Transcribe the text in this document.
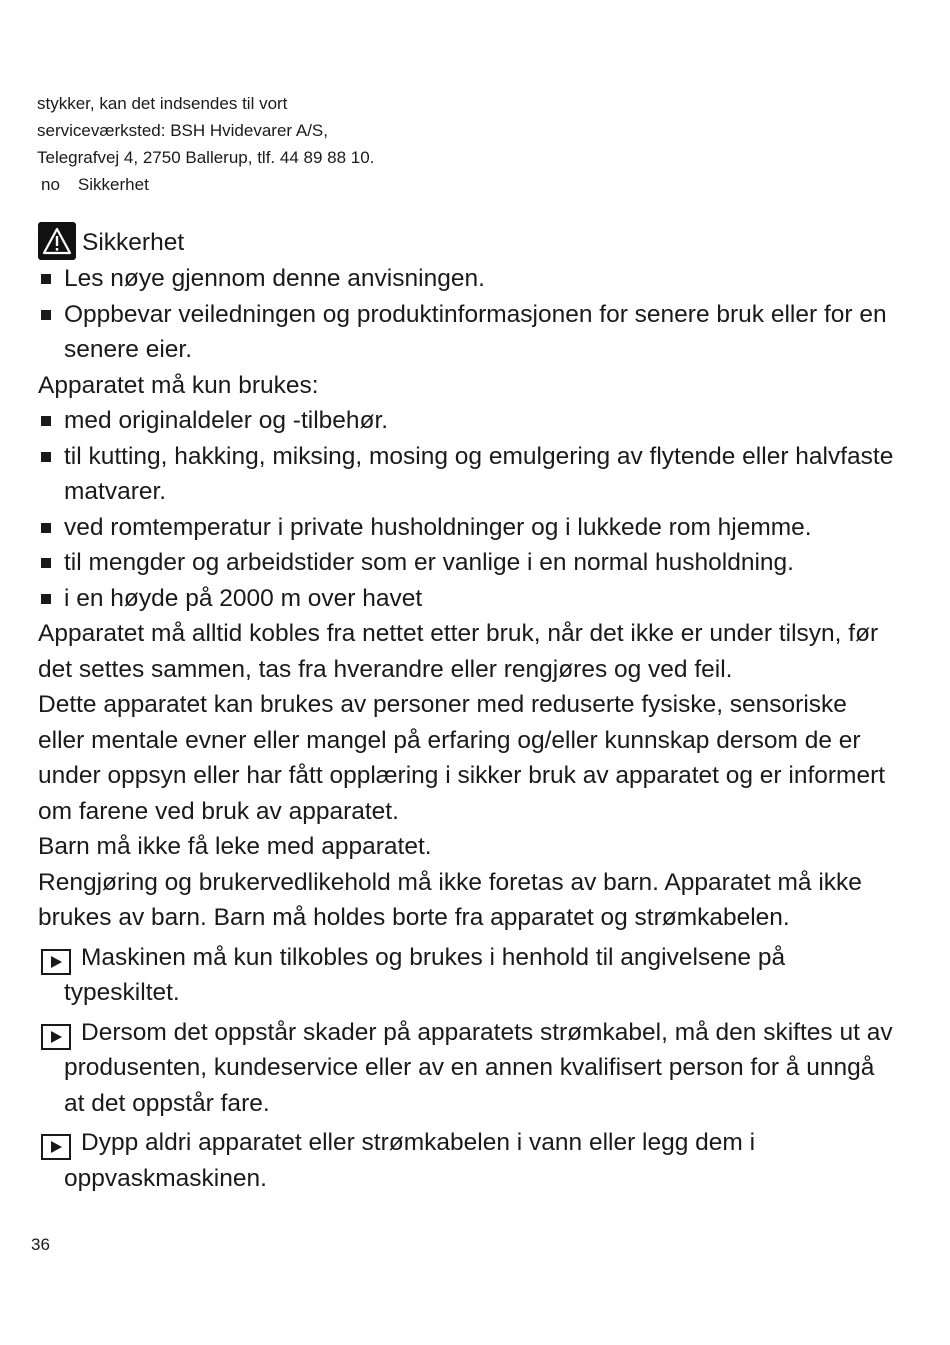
stykker, kan det indsendes til vort
serviceværksted: BSH Hvidevarer A/S,
Telegrafvej 4, 2750 Ballerup, tlf. 44 89 88 10.
no Sikkerhet
Sikkerhet
Les nøye gjennom denne anvisningen.
Oppbevar veiledningen og produktinformasjonen for senere bruk eller for en senere eier.
Apparatet må kun brukes:
med originaldeler og -tilbehør.
til kutting, hakking, miksing, mosing og emulgering av flytende eller halvfaste matvarer.
ved romtemperatur i private husholdninger og i lukkede rom hjemme.
til mengder og arbeidstider som er vanlige i en normal husholdning.
i en høyde på 2000 m over havet
Apparatet må alltid kobles fra nettet etter bruk, når det ikke er under tilsyn, før det settes sammen, tas fra hverandre eller rengjøres og ved feil.
Dette apparatet kan brukes av personer med reduserte fysiske, sensoriske eller mentale evner eller mangel på erfaring og/eller kunnskap dersom de er under oppsyn eller har fått opplæring i sikker bruk av apparatet og er informert om farene ved bruk av apparatet.
Barn må ikke få leke med apparatet.
Rengjøring og brukervedlikehold må ikke foretas av barn. Apparatet må ikke brukes av barn. Barn må holdes borte fra apparatet og strømkabelen.
Maskinen må kun tilkobles og brukes i henhold til angivelsene på typeskiltet.
Dersom det oppstår skader på apparatets strømkabel, må den skiftes ut av produsenten, kundeservice eller av en annen kvalifisert person for å unngå at det oppstår fare.
Dypp aldri apparatet eller strømkabelen i vann eller legg dem i oppvaskmaskinen.
36
